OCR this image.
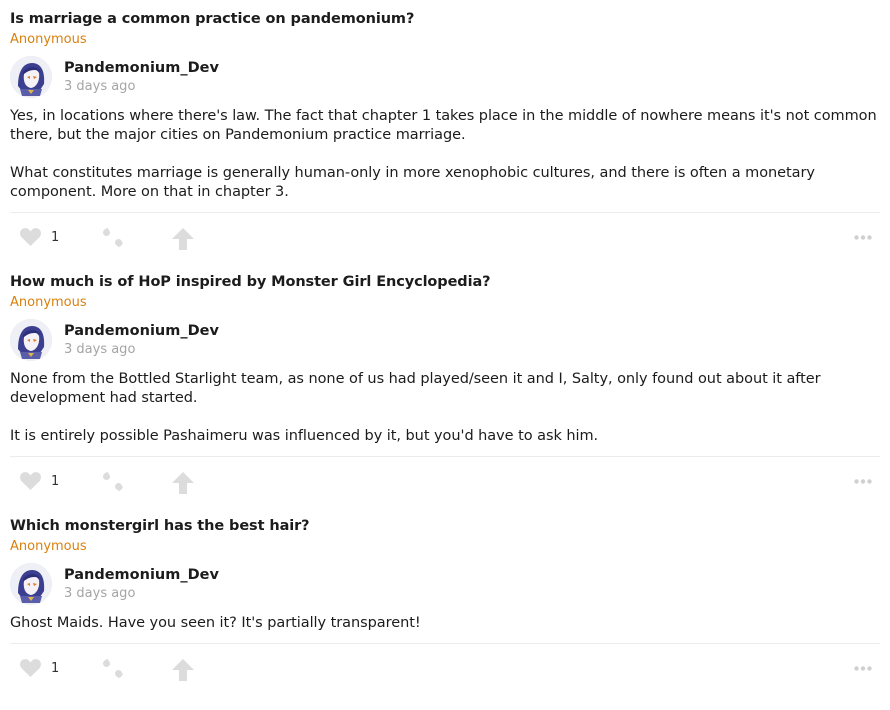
Is marriage a common practice on pandemonium?
Anonymous
Pandemonium_Dev
3 days ago

Yes, in locations where there's law. The fact that chapter 1 takes place in the middle of nowhere means it's not common there, but the major cities on Pandemonium practice marriage.

What constitutes marriage is generally human-only in more xenophobic cultures, and there is often a monetary component. More on that in chapter 3.

1
How much is of HoP inspired by Monster Girl Encyclopedia?
Anonymous
Pandemonium_Dev
3 days ago

None from the Bottled Starlight team, as none of us had played/seen it and I, Salty, only found out about it after development had started.

It is entirely possible Pashaimeru was influenced by it, but you'd have to ask him.

1
Which monstergirl has the best hair?
Anonymous
Pandemonium_Dev
3 days ago

Ghost Maids. Have you seen it? It's partially transparent!

1
